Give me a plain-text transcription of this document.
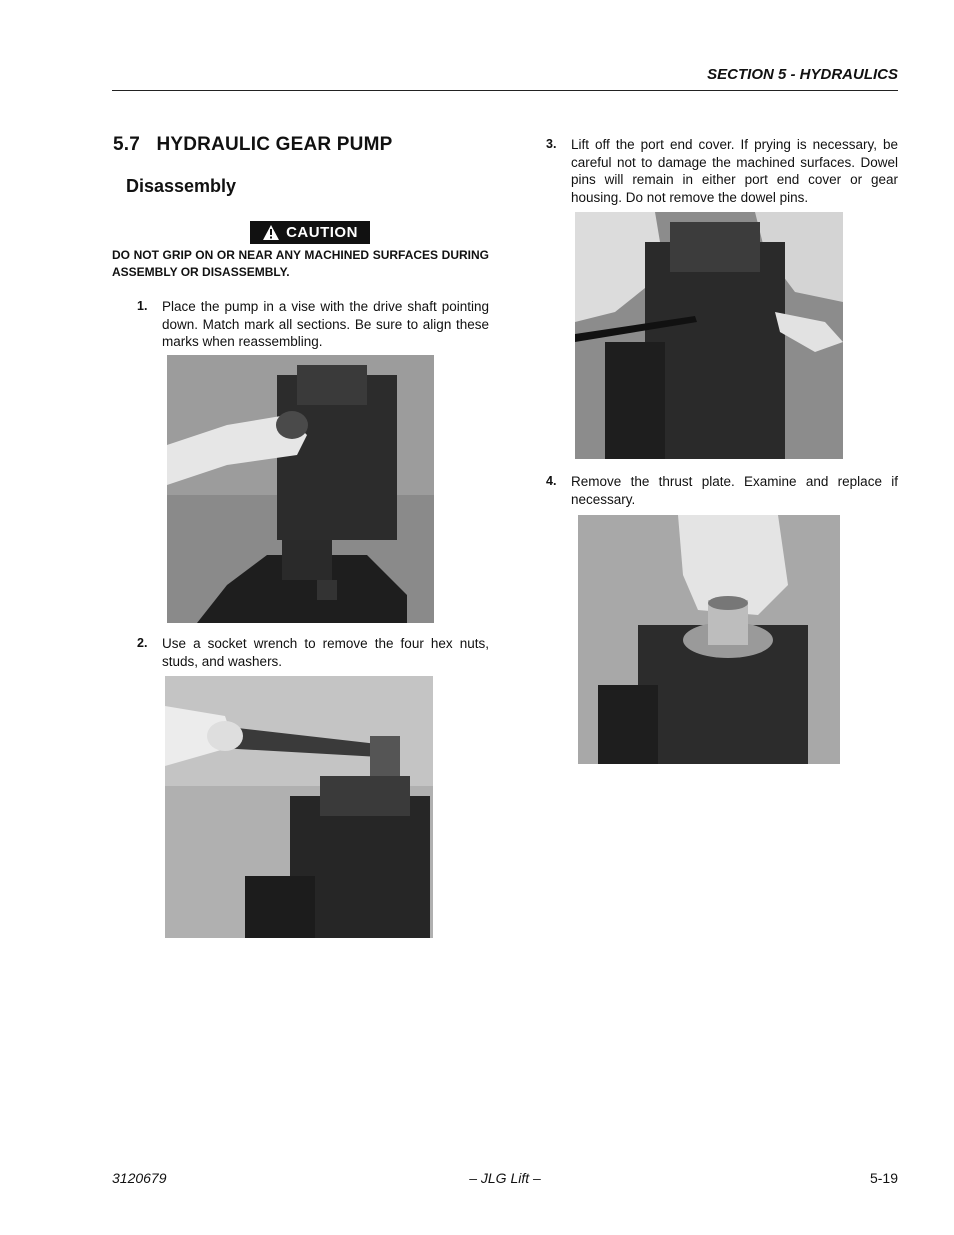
SECTION 5 - HYDRAULICS
5.7   HYDRAULIC GEAR PUMP
Disassembly
CAUTION
DO NOT GRIP ON OR NEAR ANY MACHINED SURFACES DURING ASSEMBLY OR DISASSEMBLY.
1. Place the pump in a vise with the drive shaft pointing down. Match mark all sections. Be sure to align these marks when reassembling.
2. Use a socket wrench to remove the four hex nuts, studs, and washers.
3. Lift off the port end cover. If prying is necessary, be careful not to damage the machined surfaces. Dowel pins will remain in either port end cover or gear housing. Do not remove the dowel pins.
4. Remove the thrust plate. Examine and replace if necessary.
3120679	– JLG Lift –	5-19
